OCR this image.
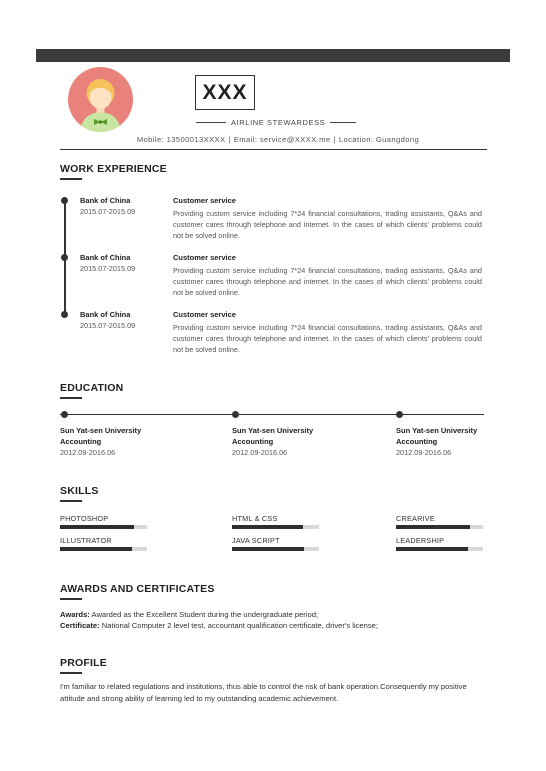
XXX
AIRLINE STEWARDESS
Mobile: 13500013XXXX | Email: service@XXXX.me | Location: Guangdong
WORK EXPERIENCE
Bank of China
2015.07-2015.09
Customer service
Providing custom service including 7*24 financial consultations, trading assistants, Q&As and customer cares through telephone and internet. In the cases of which clients' problems could not be solved online.
Bank of China
2015.07-2015.09
Customer service
Providing custom service including 7*24 financial consultations, trading assistants, Q&As and customer cares through telephone and internet. In the cases of which clients' problems could not be solved online.
Bank of China
2015.07-2015.09
Customer service
Providing custom service including 7*24 financial consultations, trading assistants, Q&As and customer cares through telephone and internet. In the cases of which clients' problems could not be solved online.
EDUCATION
Sun Yat-sen University
Accounting
2012.09-2016.06
Sun Yat-sen University
Accounting
2012.09-2016.06
Sun Yat-sen University
Accounting
2012.09-2016.06
SKILLS
PHOTOSHOP	HTML & CSS	CREARIVE
ILLUSTRATOR	JAVA SCRIPT	LEADERSHIP
AWARDS AND CERTIFICATES
Awards: Awarded as the Excellent Student during the undergraduate period;
Certificate: National Computer 2 level test, accountant qualification certificate, driver's license;
PROFILE
I'm familiar to related regulations and institutions, thus able to control the risk of bank operation.Consequently my positive attitude and strong ability of learning led to my outstanding academic achievement.
